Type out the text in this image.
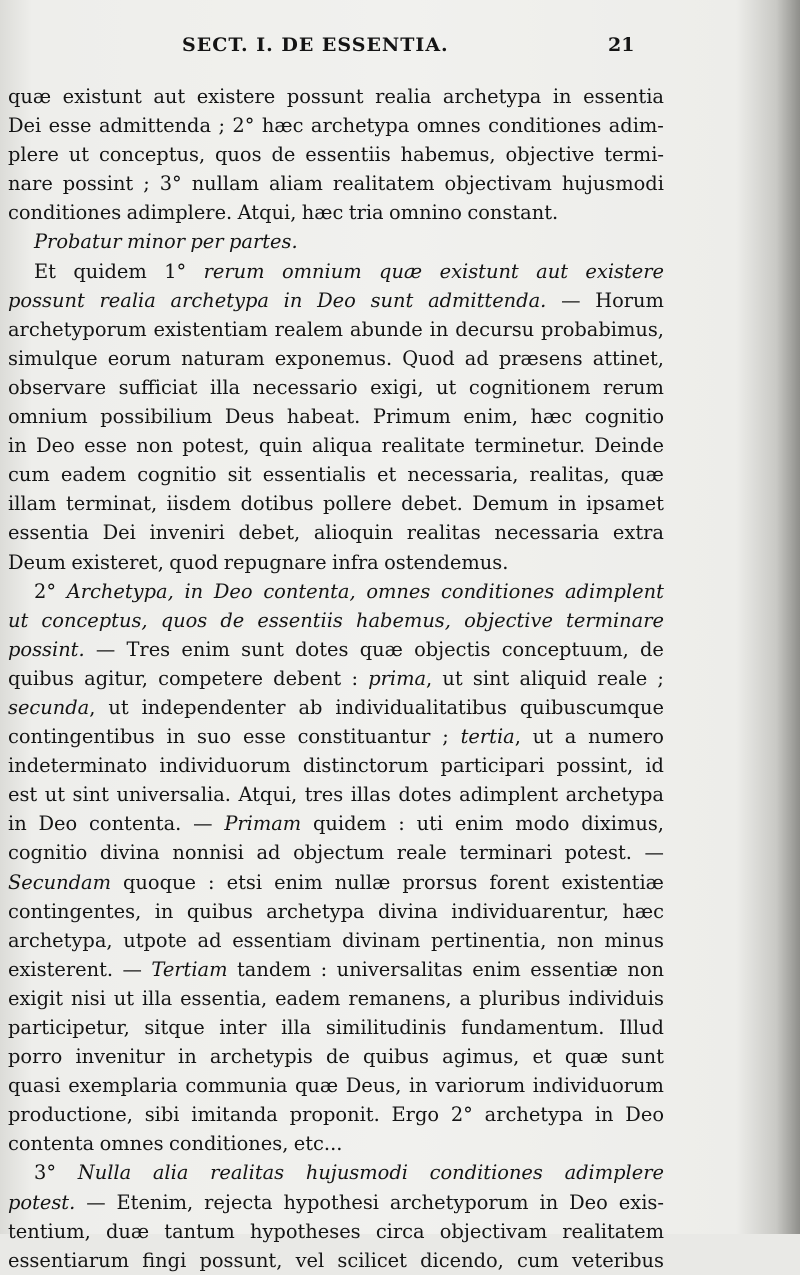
SECT. I. DE ESSENTIA.	21
quæ existunt aut existere possunt realia archetypa in essentia
Dei esse admittenda ; 2° hæc archetypa omnes conditiones adim-
plere ut conceptus, quos de essentiis habemus, objective termi-
nare possint ; 3° nullam aliam realitatem objectivam hujusmodi
conditiones adimplere. Atqui, hæc tria omnino constant.
Probatur minor per partes.
Et quidem 1° rerum omnium quæ existunt aut existere
possunt realia archetypa in Deo sunt admittenda. — Horum
archetyporum existentiam realem abunde in decursu probabimus,
simulque eorum naturam exponemus. Quod ad præsens attinet,
observare sufficiat illa necessario exigi, ut cognitionem rerum
omnium possibilium Deus habeat. Primum enim, hæc cognitio
in Deo esse non potest, quin aliqua realitate terminetur. Deinde
cum eadem cognitio sit essentialis et necessaria, realitas, quæ
illam terminat, iisdem dotibus pollere debet. Demum in ipsamet
essentia Dei inveniri debet, alioquin realitas necessaria extra
Deum existeret, quod repugnare infra ostendemus.
2° Archetypa, in Deo contenta, omnes conditiones adimplent
ut conceptus, quos de essentiis habemus, objective terminare
possint. — Tres enim sunt dotes quæ objectis conceptuum, de
quibus agitur, competere debent : prima, ut sint aliquid reale ;
secunda, ut independenter ab individualitatibus quibuscumque
contingentibus in suo esse constituantur ; tertia, ut a numero
indeterminato individuorum distinctorum participari possint, id
est ut sint universalia. Atqui, tres illas dotes adimplent archetypa
in Deo contenta. — Primam quidem : uti enim modo diximus,
cognitio divina nonnisi ad objectum reale terminari potest. —
Secundam quoque : etsi enim nullæ prorsus forent existentiæ
contingentes, in quibus archetypa divina individuarentur, hæc
archetypa, utpote ad essentiam divinam pertinentia, non minus
existerent. — Tertiam tandem : universalitas enim essentiæ non
exigit nisi ut illa essentia, eadem remanens, a pluribus individuis
participetur, sitque inter illa similitudinis fundamentum. Illud
porro invenitur in archetypis de quibus agimus, et quæ sunt
quasi exemplaria communia quæ Deus, in variorum individuorum
productione, sibi imitanda proponit. Ergo 2° archetypa in Deo
contenta omnes conditiones, etc...
3° Nulla alia realitas hujusmodi conditiones adimplere
potest. — Etenim, rejecta hypothesi archetyporum in Deo exis-
tentium, duæ tantum hypotheses circa objectivam realitatem
essentiarum fingi possunt, vel scilicet dicendo, cum veteribus
